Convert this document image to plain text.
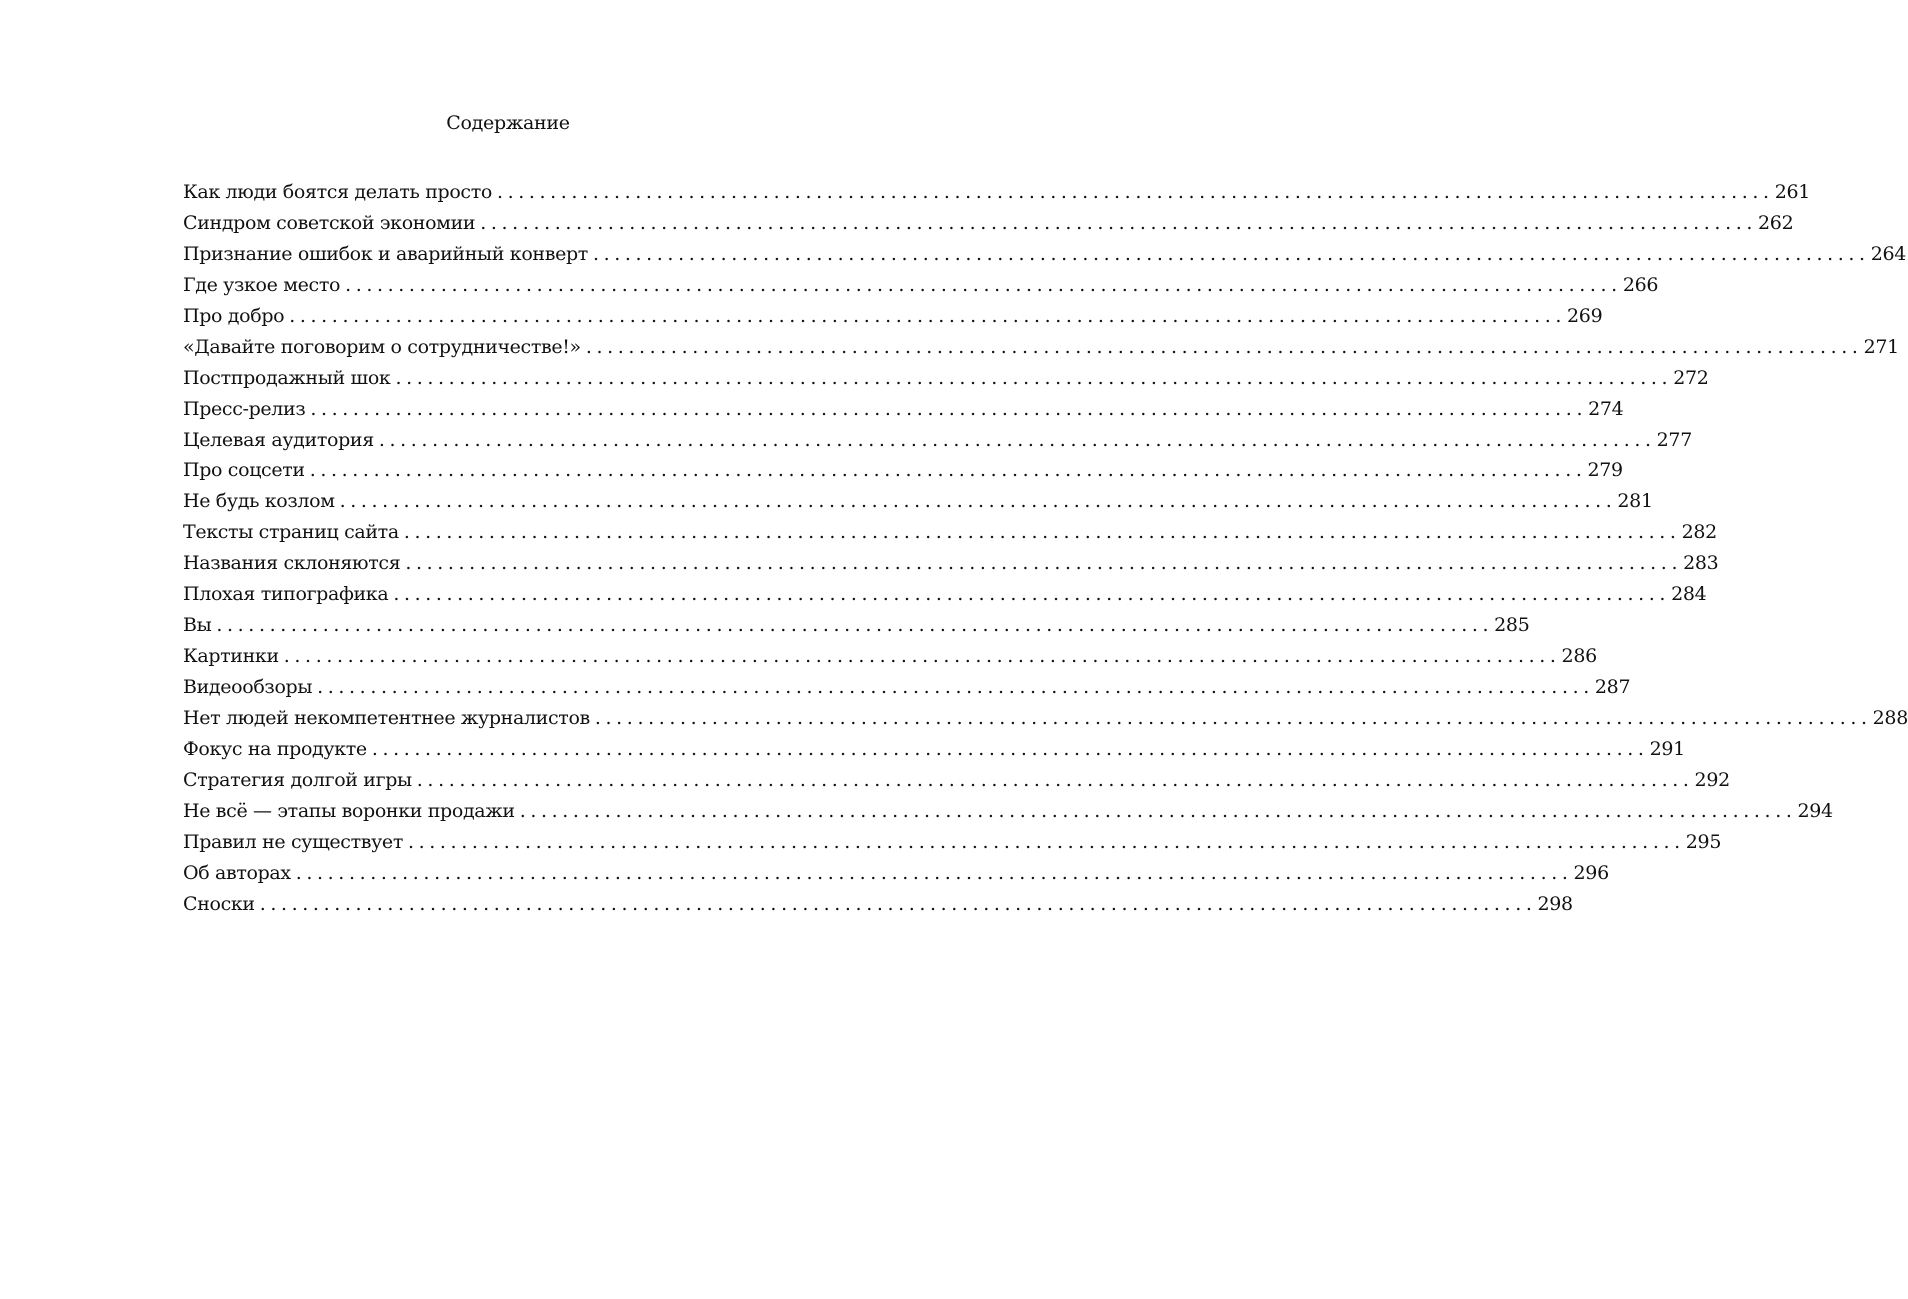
Содержание
Как люди боятся делать просто ........................................................................................................................ 261
Синдром советской экономии ........................................................................................................................ 262
Признание ошибок и аварийный конверт ........................................................................................................................ 264
Где узкое место ........................................................................................................................ 266
Про добро ........................................................................................................................ 269
«Давайте поговорим о сотрудничестве!» ........................................................................................................................ 271
Постпродажный шок ........................................................................................................................ 272
Пресс-релиз ........................................................................................................................ 274
Целевая аудитория ........................................................................................................................ 277
Про соцсети ........................................................................................................................ 279
Не будь козлом ........................................................................................................................ 281
Тексты страниц сайта ........................................................................................................................ 282
Названия склоняются ........................................................................................................................ 283
Плохая типографика ........................................................................................................................ 284
Вы ........................................................................................................................ 285
Картинки ........................................................................................................................ 286
Видеообзоры ........................................................................................................................ 287
Нет людей некомпетентнее журналистов ........................................................................................................................ 288
Фокус на продукте ........................................................................................................................ 291
Стратегия долгой игры ........................................................................................................................ 292
Не всё — этапы воронки продажи ........................................................................................................................ 294
Правил не существует ........................................................................................................................ 295
Об авторах ........................................................................................................................ 296
Сноски ........................................................................................................................ 298
